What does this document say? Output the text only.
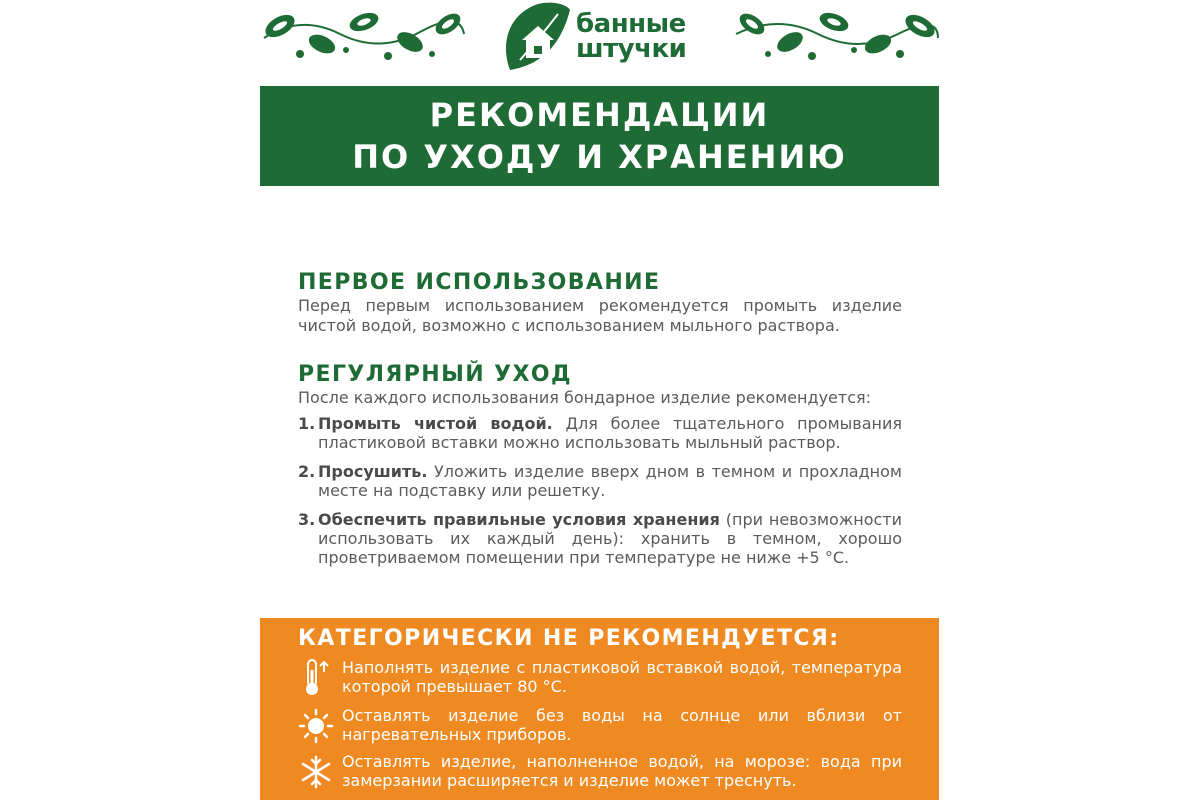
банные
штучки
РЕКОМЕНДАЦИИ
ПО УХОДУ И ХРАНЕНИЮ
ПЕРВОЕ ИСПОЛЬЗОВАНИЕ

Перед первым использованием рекомендуется промыть изделие чистой водой, возможно с использованием мыльного раствора.

РЕГУЛЯРНЫЙ УХОД

После каждого использования бондарное изделие рекомендуется:

1. Промыть чистой водой. Для более тщательного промывания пластиковой вставки можно использовать мыльный раствор.
2. Просушить. Уложить изделие вверх дном в темном и прохладном месте на подставку или решетку.
3. Обеспечить правильные условия хранения (при невозможности использовать их каждый день): хранить в темном, хорошо проветриваемом помещении при температуре не ниже +5 °С.
КАТЕГОРИЧЕСКИ НЕ РЕКОМЕНДУЕТСЯ:
Наполнять изделие с пластиковой вставкой водой, температура которой превышает 80 °С.
Оставлять изделие без воды на солнце или вблизи от нагревательных приборов.
Оставлять изделие, наполненное водой, на морозе: вода при замерзании расширяется и изделие может треснуть.
